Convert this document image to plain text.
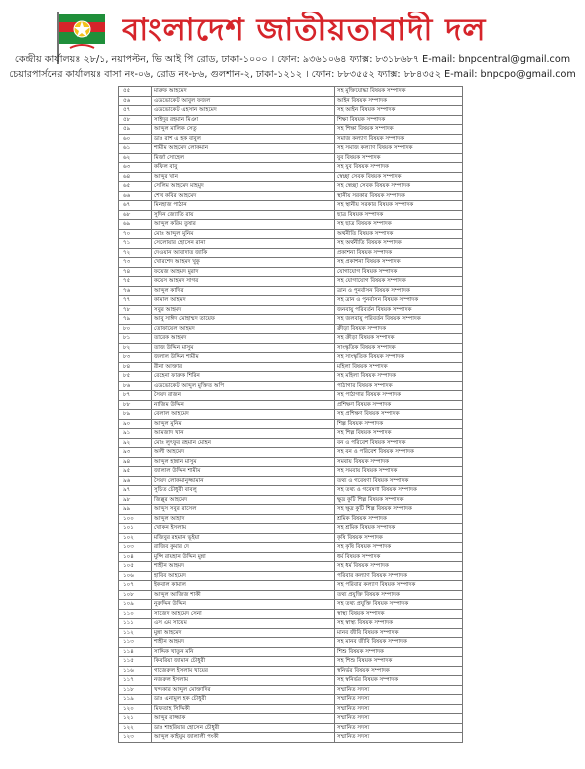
বাংলাদেশ জাতীয়তাবাদী দল
কেন্দ্রীয় কার্যালয়ঃ ২৮/১, নয়াপল্টন, ভি আই পি রোড, ঢাকা-১০০০ । ফোন: ৯৩৬১০৬৪ ফ্যাক্স: ৮৩১৮৬৮৭ E-mail: bnpcentral@gmail.com
চেয়ারপার্সনের কার্যালয়ঃ বাসা নং-০৬, রোড নং-৮৬, গুলশান-২, ঢাকা-১২১২ । ফোন: ৮৮৩৫৫২ ফ্যাক্স: ৮৮৪৩৫২ E-mail: bnpcpo@gmail.com
৫৫	মারুফ আহমেদ	সহ মুক্তিযোদ্ধা বিষয়ক সম্পাদক
৫৬	এডভোকেট আবুল ফজল	আইন বিষয়ক সম্পাদক
৫৭	এডভোকেট এহসান আহমেদ	সহ আইন বিষয়ক সম্পাদক
৫৮	সাইদুর রহমান মিঞা	শিক্ষা বিষয়ক সম্পাদক
৫৯	আব্দুল মালিক সেতু	সহ শিক্ষা বিষয়ক সম্পাদক
৬০	ডাঃ রাশ এ হক বাবুল	সমাজ কল্যাণ বিষয়ক সম্পাদক
৬১	শামীম আহমেদ লোকমান	সহ সমাজ কল্যাণ বিষয়ক সম্পাদক
৬২	মির্জা সোহেল	যুব বিষয়ক সম্পাদক
৬৩	কফিল বাবু	সহ যুব বিষয়ক সম্পাদক
৬৪	আব্দুর খান	স্বেচ্ছা সেবক বিষয়ক সম্পাদক
৬৫	সেলিম আহমেদ মাহমুদ	সহ স্বেচ্ছা সেবক বিষয়ক সম্পাদক
৬৬	শেখ কবির আহমেদ	স্থানীয় সরকার বিষয়ক সম্পাদক
৬৭	মিনহাজ পাঠান	সহ স্থানীয় সরকার বিষয়ক সম্পাদক
৬৮	সুদিন জ্যোতি রায়	ছাত্র বিষয়ক সম্পাদক
৬৯	আব্দুল করিম তুষার	সহ ছাত্র বিষয়ক সম্পাদক
৭০	মোঃ আব্দুল মুনিম	অর্থনীতি বিষয়ক সম্পাদক
৭১	সেলোয়ার হোসেন রানা	সহ অর্থনীতি বিষয়ক সম্পাদক
৭২	দেওয়ান আবাদাত জাকি	প্রকাশনা বিষয়ক সম্পাদক
৭৩	খোরশেদ আহমদ খুকু	সহ প্রকাশনা বিষয়ক সম্পাদক
৭৪	ফয়েজ আহমদ মুরাদ	যোগাযোগ বিষয়ক সম্পাদক
৭৫	কয়েস আহমদ সাগর	সহ যোগাযোগ বিষয়ক সম্পাদক
৭৬	আব্দুল কাদির	ত্রান ও পুনর্বাসন বিষয়ক সম্পাদক
৭৭	কামাল আহমদ	সহ ত্রান ও পুনর্বাসন বিষয়ক সম্পাদক
৭৮	সবুর আহমদ	জনবায়ু পরিবর্তন বিষয়ক সম্পাদক
৭৯	আবু সাঈদ মোহাম্মদ তায়েফ	সহ জলবায়ু পরিবর্তন বিষয়ক সম্পাদক
৮০	তোফায়েল আহমদ	ক্রীড়া বিষয়ক সম্পাদক
৮১	তারেক আহমদ	সহ ক্রীড়া বিষয়ক সম্পাদক
৮২	তাজ উদ্দিন মাসুম	সাংস্কৃতিক বিষয়ক সম্পাদক
৮৩	জলাল উদ্দিন শামীম	সহ সাংস্কৃতিক বিষয়ক সম্পাদক
৮৪	রীনা আক্তার	মহিলা বিষয়ক সম্পাদক
৮৫	রেহেনা ফারুক শিরিন	সহ মহিলা বিষয়ক সম্পাদক
৮৬	এডভোকেট আব্দুল মুক্তিত অপি	পাঠাগার বিষয়ক সম্পাদক
৮৭	সৈয়দ রাজন	সহ পাঠাগার বিষয়ক সম্পাদক
৮৮	নাজিম উদ্দিন	প্রশিক্ষণ বিষয়ক সম্পাদক
৮৯	বেলাল আহমেদ	সহ প্রশিক্ষণ বিষয়ক সম্পাদক
৯০	আব্দুল মুনিম	শিল্প বিষয়ক সম্পাদক
৯১	আমজাদ খান	সহ শিল্প বিষয়ক সম্পাদক
৯২	মোঃ লুৎফুর রহমান মোহন	বন ও পরিবেশ বিষয়ক সম্পাদক
৯৩	অলী আহমেদ	সহ বন ও পরিবেশ বিষয়ক সম্পাদক
৯৪	আব্দুল হান্নান মাসুম	সমবায় বিষয়ক সম্পাদক
৯৫	জালাল উদ্দিন শামীম	সহ সমবায় বিষয়ক সম্পাদক
৯৬	সৈয়দ লোকমানুজ্জামান	তথ্য ও গবেষণা বিষয়ক সম্পাদক
৯৭	সুচিত চৌধুরী বাবলু	সহ তথ্য ও গবেষণা বিষয়ক সম্পাদক
৯৮	জিল্লুর আহমেদ	ক্ষুদ্র কুটি শিল্প বিষয়ক সম্পাদক
৯৯	আব্দুস সবুর রাসেল	সহ ক্ষুদ্র কুটি শিল্প বিষয়ক সম্পাদক
১০০	আব্দুল আহাদ	শ্রমিক বিষয়ক সম্পাদক
১০১	খোকন ইসলাম	সহ শ্রমিক বিষয়ক সম্পাদক
১০২	মজিবুর রহমান ভূইয়া	কৃষি বিষয়ক সম্পাদক
১০৩	রাজিব কুমার দে	সহ কৃষি বিষয়ক সম্পাদক
১০৪	মুন্সি রায়হান উদ্দিন মুন্না	ধর্ম বিষয়ক সম্পাদক
১০৫	শাহীন আহমদ	সহ ধর্ম বিষয়ক সম্পাদক
১০৬	হাবিব আহমেদ	পরিবার কল্যাণ বিষয়ক সম্পাদক
১০৭	ইকবাল কামাল	সহ পরিবার কল্যাণ বিষয়ক সম্পাদক
১০৮	আব্দুল আজিজ শাকী	তথ্য প্রযুক্তি বিষয়ক সম্পাদক
১০৯	নুরুদ্দিন উদ্দিন	সহ তথ্য প্রযুক্তি বিষয়ক সম্পাদক
১১০	সাজেদ আহমেদ সেনা	স্বাস্থ্য বিষয়ক সম্পাদক
১১১	এস এম সায়েম	সহ স্বাস্থ্য বিষয়ক সম্পাদক
১১২	মুন্না আহমেদ	মানব জীবি বিষয়ক সম্পাদক
১১৩	শাহীন আহমদ	সহ মানব জীবি বিষয়ক সম্পাদক
১১৪	সাদ্দিক খাতুন মনি	শিশু বিষয়ক সম্পাদক
১১৫	কিবরিয়া জামান চৌধুরী	সহ শিশু বিষয়ক সম্পাদক
১১৬	গাজেরুল ইসলাম খায়ের	স্বনির্ভর বিষয়ক সম্পাদক
১১৭	নজরুল ইসলাম	সহ স্বনির্ভর বিষয়ক সম্পাদক
১১৮	খন্দকার আব্দুল মোক্তাদির	সম্মানিত সদস্য
১১৯	ডাঃ এনামুল হক চৌধুরী	সম্মানিত সদস্য
১২০	মিফতাহ সিদ্দিকী	সম্মানিত সদস্য
১২১	আব্দুর রাজ্জাক	সম্মানিত সদস্য
১২২	ডাঃ শাহরিয়ার হোসেন চৌধুরী	সম্মানিত সদস্য
১২৩	আব্দুল কাইয়ুম জালালী পংকী	সম্মানিত সদস্য
